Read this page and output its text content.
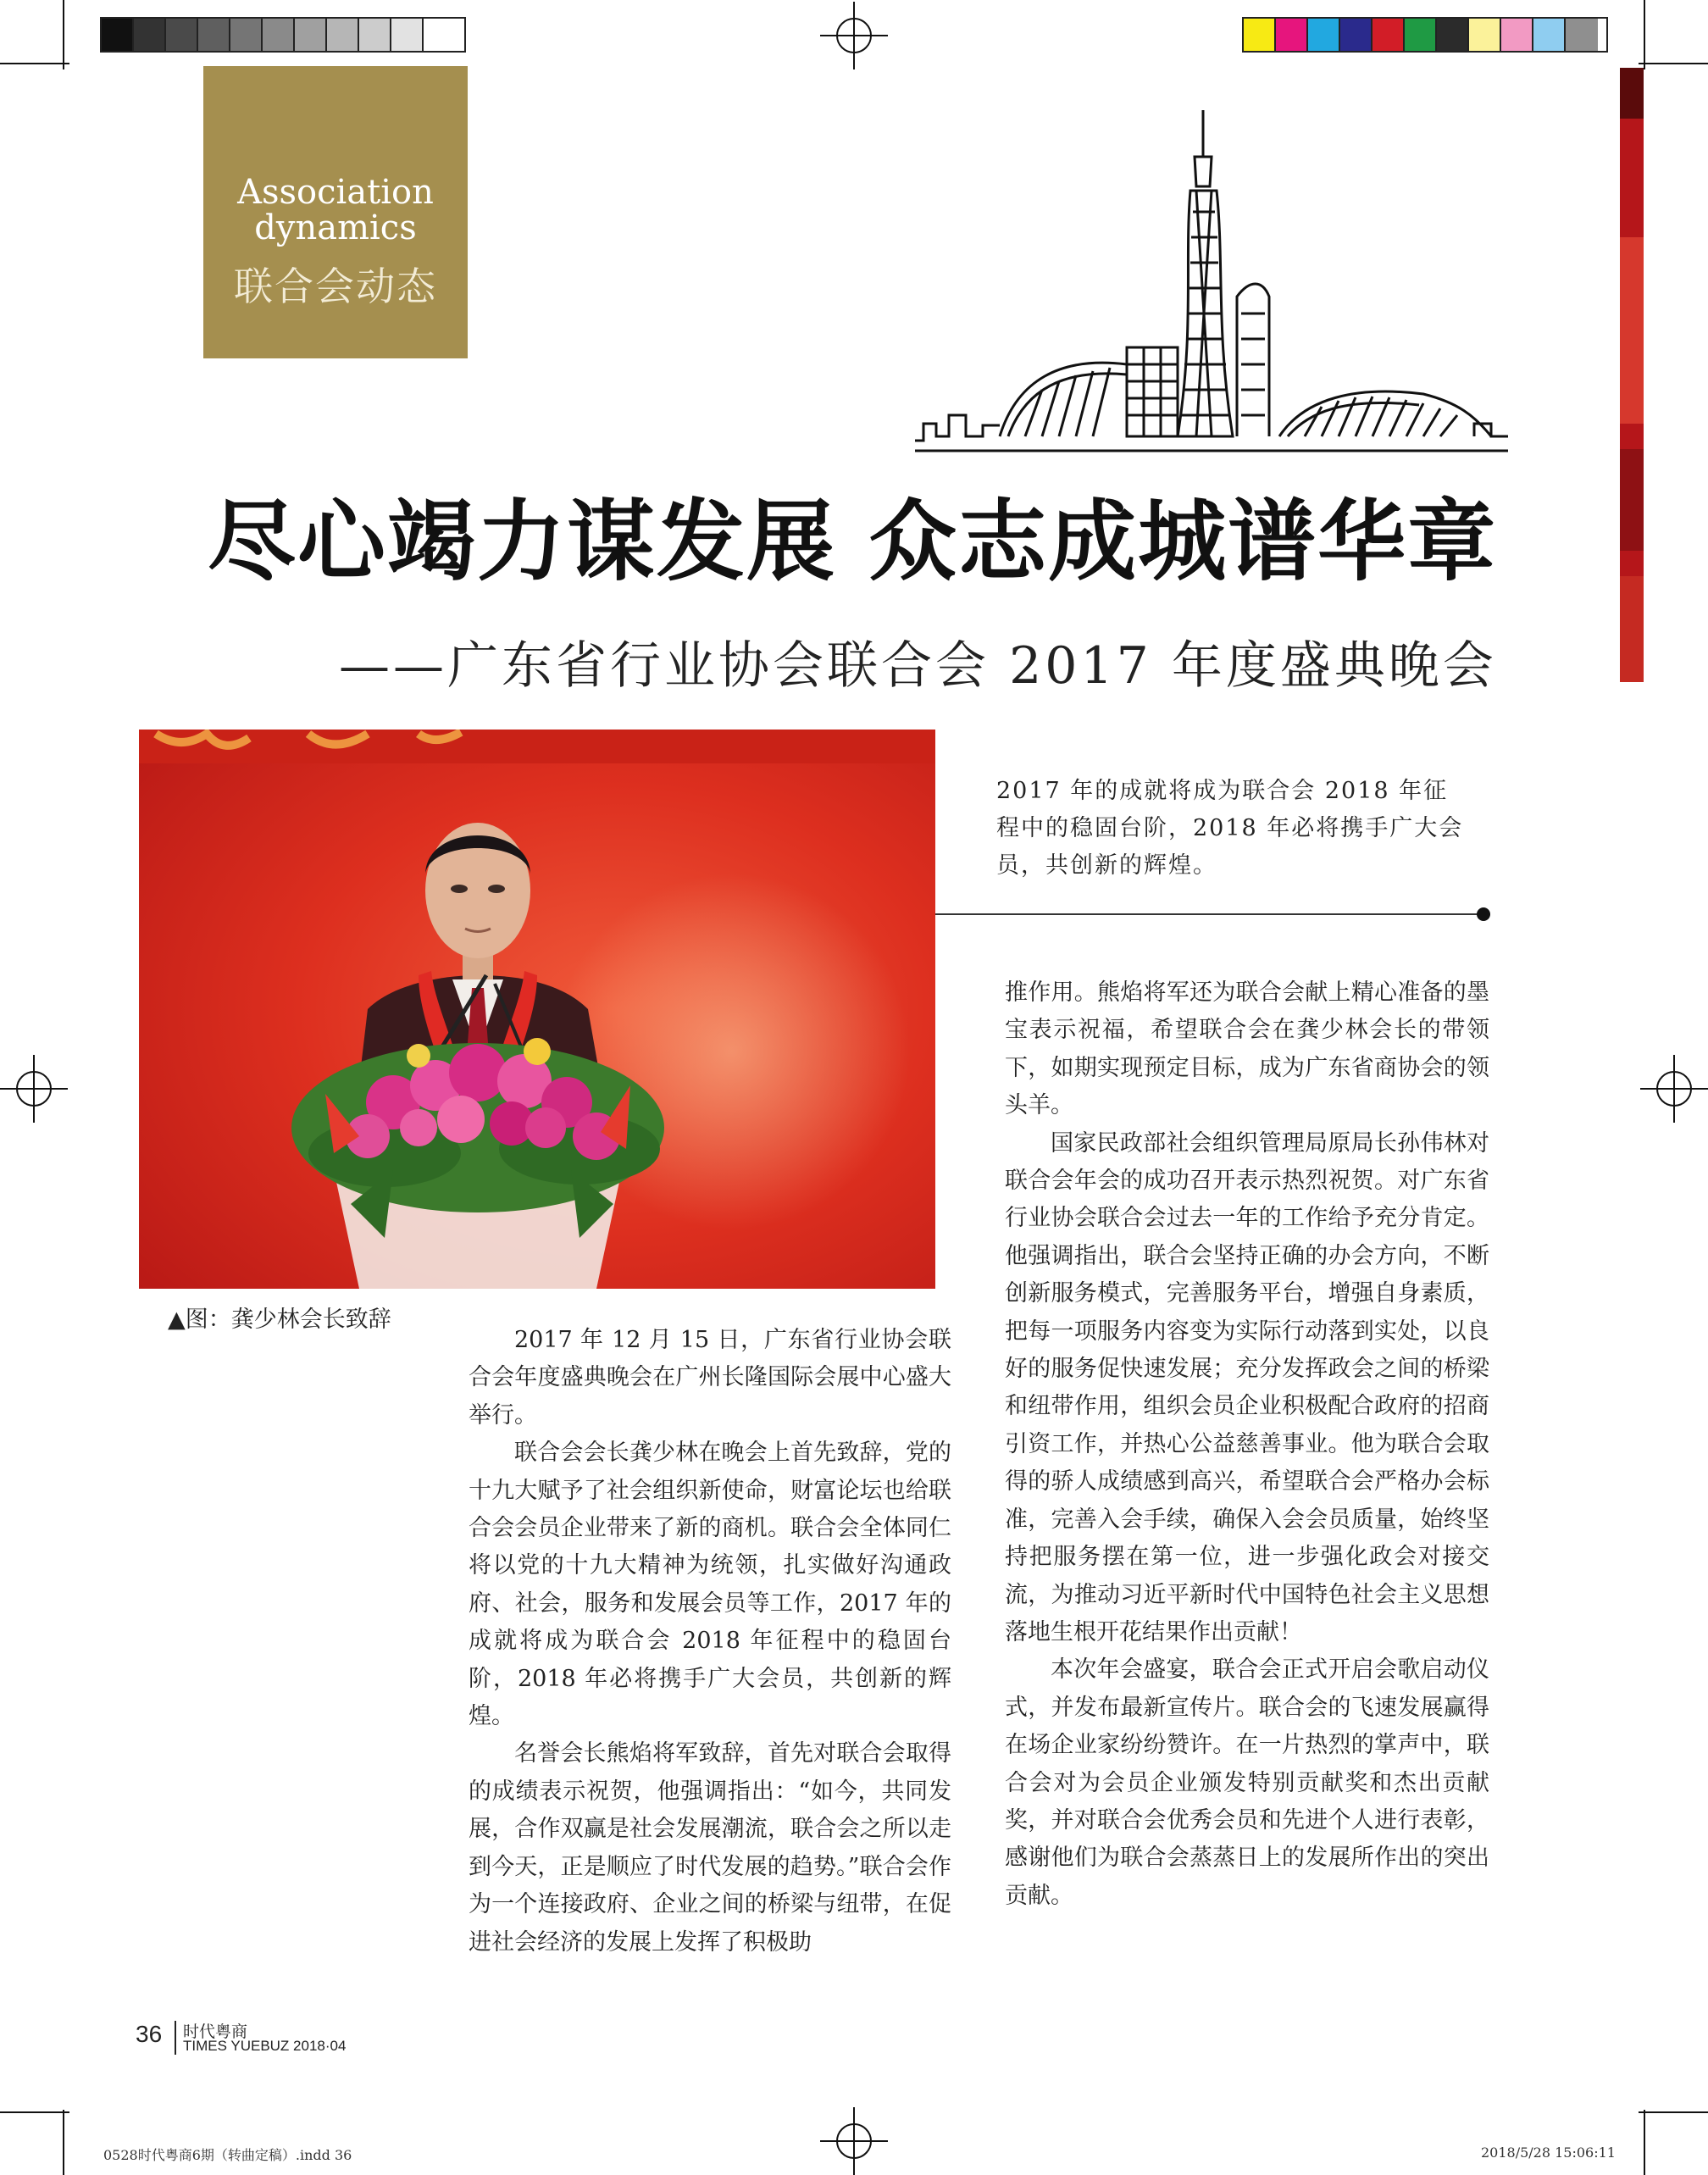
Association dynamics
联合会动态
尽心竭力谋发展 众志成城谱华章
——广东省行业协会联合会 2017 年度盛典晚会
▲图：龚少林会长致辞
2017 年的成就将成为联合会 2018 年征程中的稳固台阶，2018 年必将携手广大会员，共创新的辉煌。

2017 年 12 月 15 日，广东省行业协会联合会年度盛典晚会在广州长隆国际会展中心盛大举行。

联合会会长龚少林在晚会上首先致辞，党的十九大赋予了社会组织新使命，财富论坛也给联合会会员企业带来了新的商机。联合会全体同仁将以党的十九大精神为统领，扎实做好沟通政府、社会，服务和发展会员等工作，2017 年的成就将成为联合会 2018 年征程中的稳固台阶，2018 年必将携手广大会员，共创新的辉煌。

名誉会长熊焰将军致辞，首先对联合会取得的成绩表示祝贺，他强调指出：“如今，共同发展，合作双赢是社会发展潮流，联合会之所以走到今天，正是顺应了时代发展的趋势。”联合会作为一个连接政府、企业之间的桥梁与纽带，在促进社会经济的发展上发挥了积极助

推作用。熊焰将军还为联合会献上精心准备的墨宝表示祝福，希望联合会在龚少林会长的带领下，如期实现预定目标，成为广东省商协会的领头羊。

国家民政部社会组织管理局原局长孙伟林对联合会年会的成功召开表示热烈祝贺。对广东省行业协会联合会过去一年的工作给予充分肯定。他强调指出，联合会坚持正确的办会方向，不断创新服务模式，完善服务平台，增强自身素质，把每一项服务内容变为实际行动落到实处，以良好的服务促快速发展；充分发挥政会之间的桥梁和纽带作用，组织会员企业积极配合政府的招商引资工作，并热心公益慈善事业。他为联合会取得的骄人成绩感到高兴，希望联合会严格办会标准，完善入会手续，确保入会会员质量，始终坚持把服务摆在第一位，进一步强化政会对接交流，为推动习近平新时代中国特色社会主义思想落地生根开花结果作出贡献！

本次年会盛宴，联合会正式开启会歌启动仪式，并发布最新宣传片。联合会的飞速发展赢得在场企业家纷纷赞许。在一片热烈的掌声中，联合会对为会员企业颁发特别贡献奖和杰出贡献奖，并对联合会优秀会员和先进个人进行表彰，感谢他们为联合会蒸蒸日上的发展所作出的突出贡献。

36 时代粤商
TIMES YUEBUZ 2018·04
0528时代粤商6期（转曲定稿）.indd 36	2018/5/28 15:06:11
